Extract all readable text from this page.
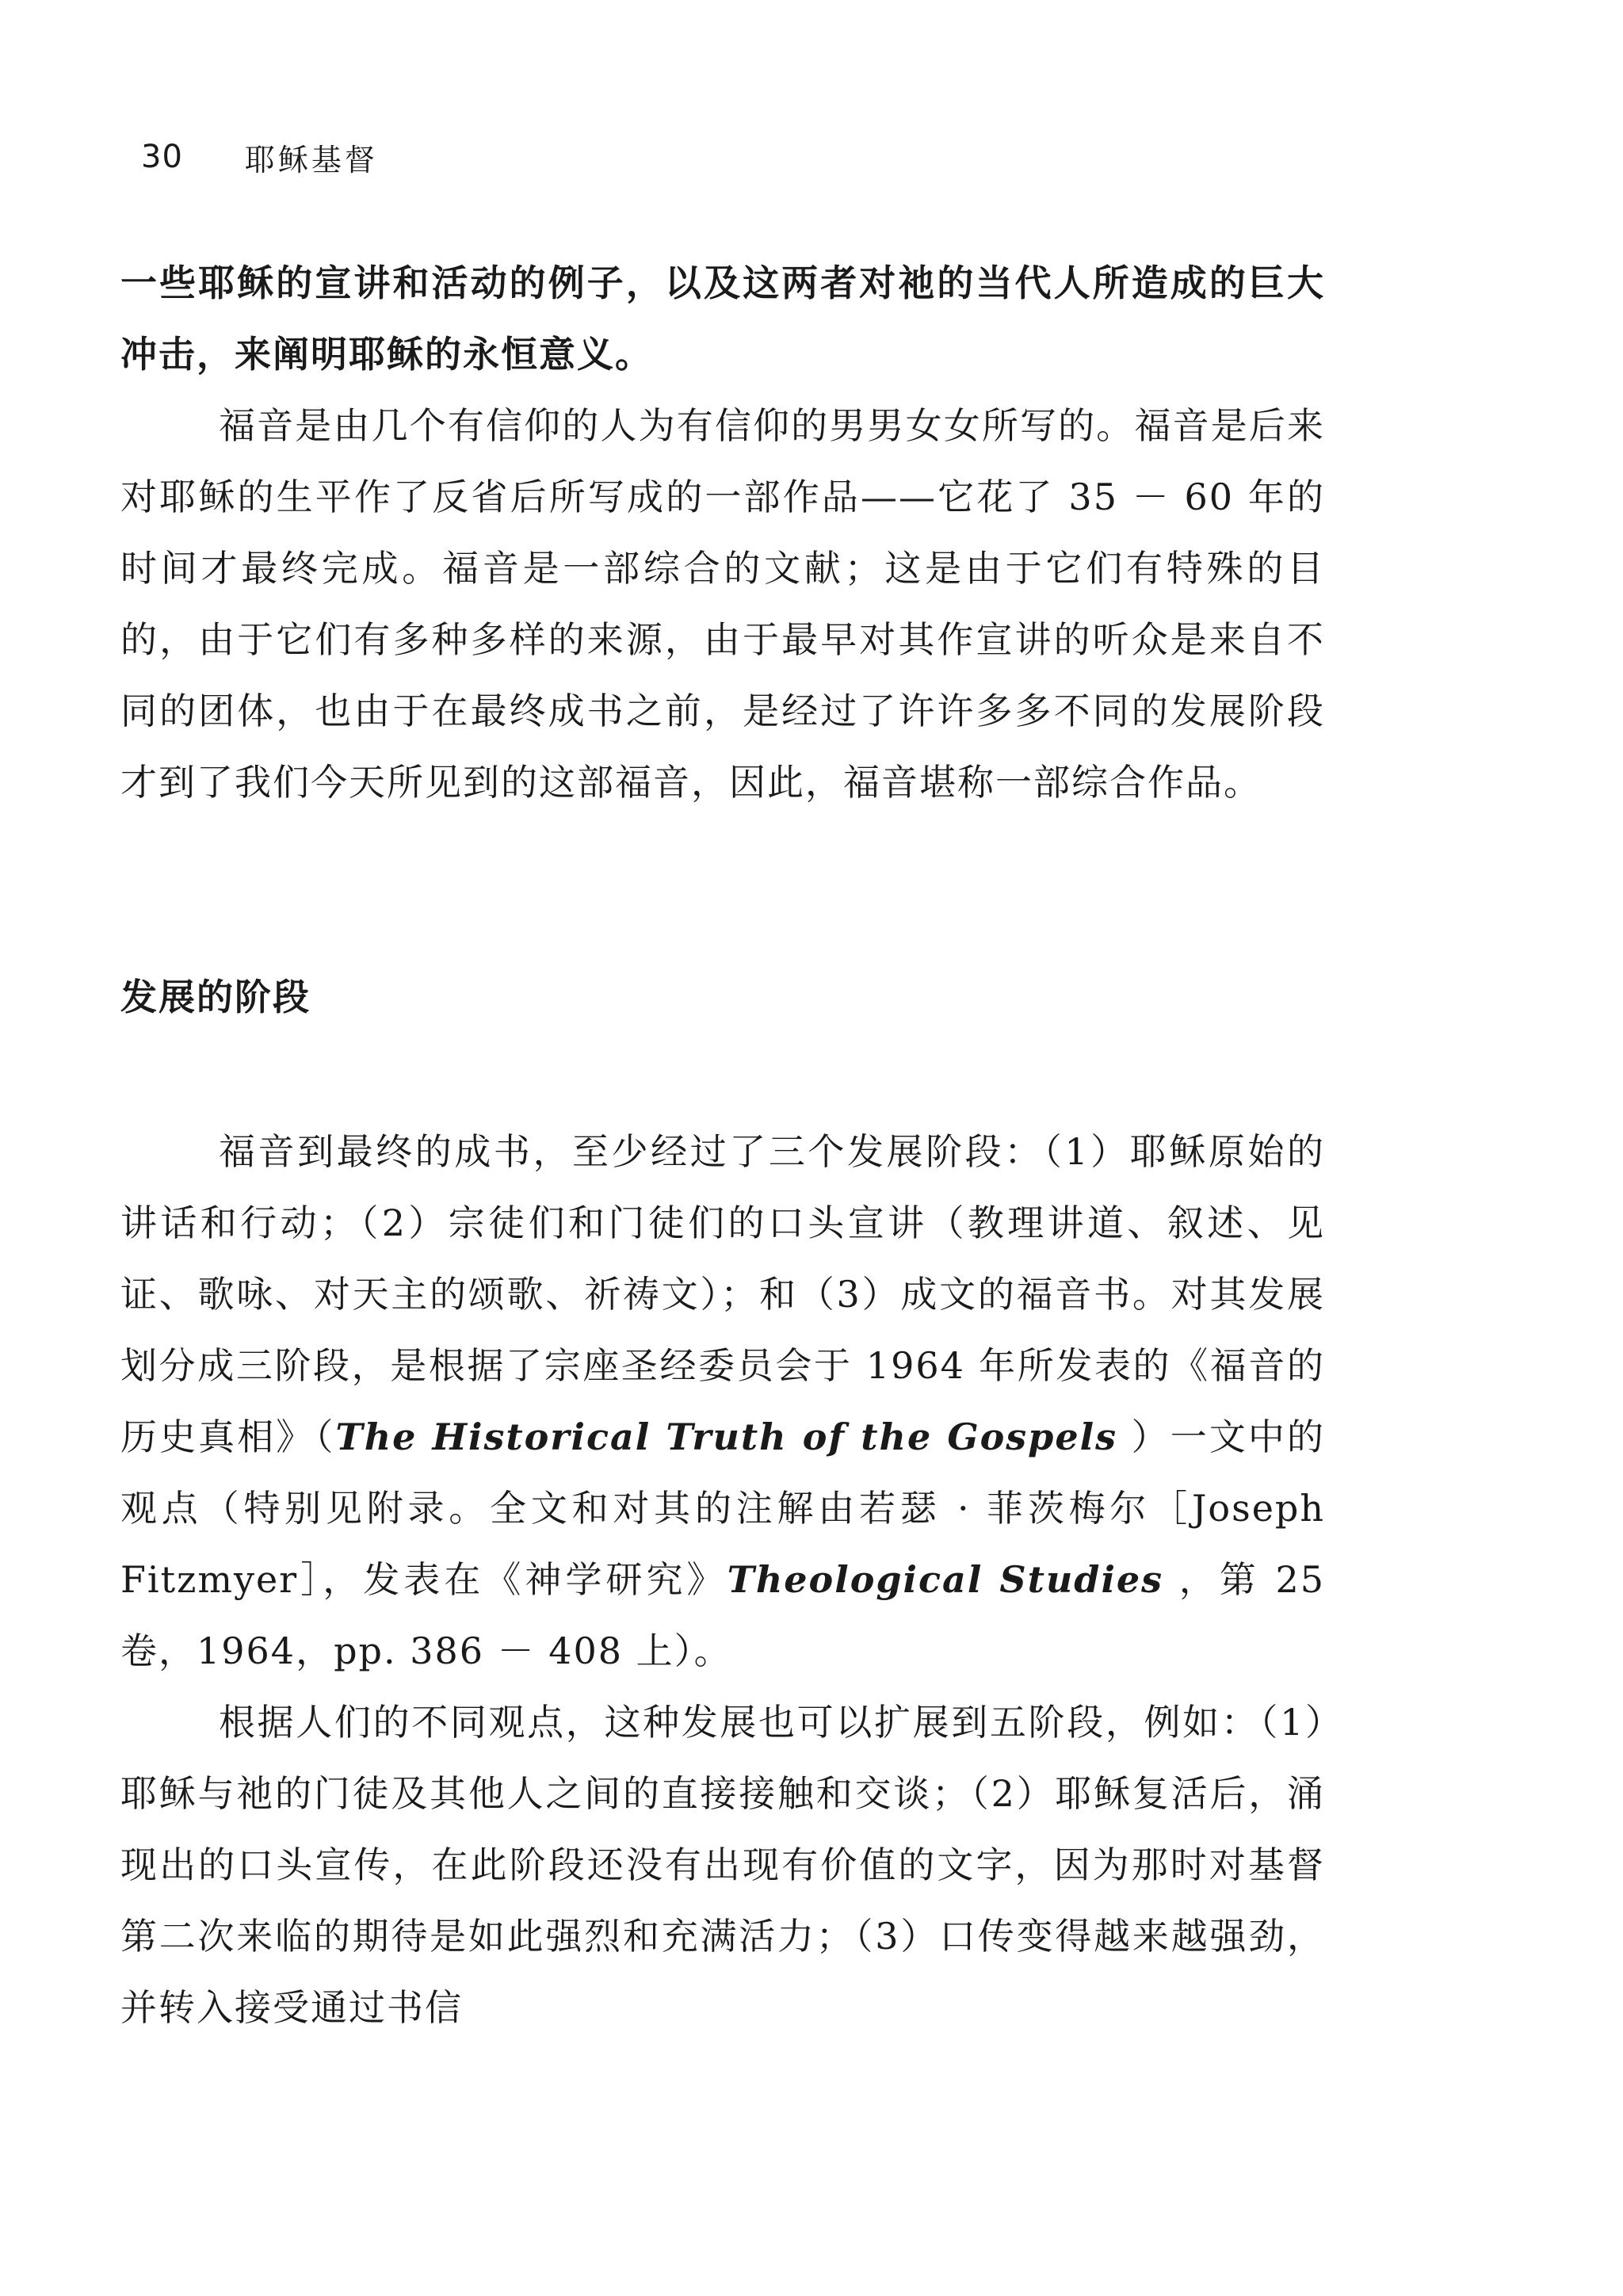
30 耶稣基督

一些耶稣的宣讲和活动的例子，以及这两者对祂的当代人所造成的巨大冲击，来阐明耶稣的永恒意义。

福音是由几个有信仰的人为有信仰的男男女女所写的。福音是后来对耶稣的生平作了反省后所写成的一部作品——它花了 35 － 60 年的时间才最终完成。福音是一部综合的文献；这是由于它们有特殊的目的，由于它们有多种多样的来源，由于最早对其作宣讲的听众是来自不同的团体，也由于在最终成书之前，是经过了许许多多不同的发展阶段才到了我们今天所见到的这部福音，因此，福音堪称一部综合作品。

发展的阶段

福音到最终的成书，至少经过了三个发展阶段：（1）耶稣原始的讲话和行动；（2）宗徒们和门徒们的口头宣讲（教理讲道、叙述、见证、歌咏、对天主的颂歌、祈祷文）；和（3）成文的福音书。对其发展划分成三阶段，是根据了宗座圣经委员会于 1964 年所发表的《福音的历史真相》（The Historical Truth of the Gospels ）一文中的观点（特别见附录。全文和对其的注解由若瑟 · 菲茨梅尔［Joseph Fitzmyer］，发表在《神学研究》Theological Studies ，第 25 卷，1964，pp. 386 － 408 上）。

根据人们的不同观点，这种发展也可以扩展到五阶段，例如：（1）耶稣与祂的门徒及其他人之间的直接接触和交谈；（2）耶稣复活后，涌现出的口头宣传，在此阶段还没有出现有价值的文字，因为那时对基督第二次来临的期待是如此强烈和充满活力；（3）口传变得越来越强劲，并转入接受通过书信
